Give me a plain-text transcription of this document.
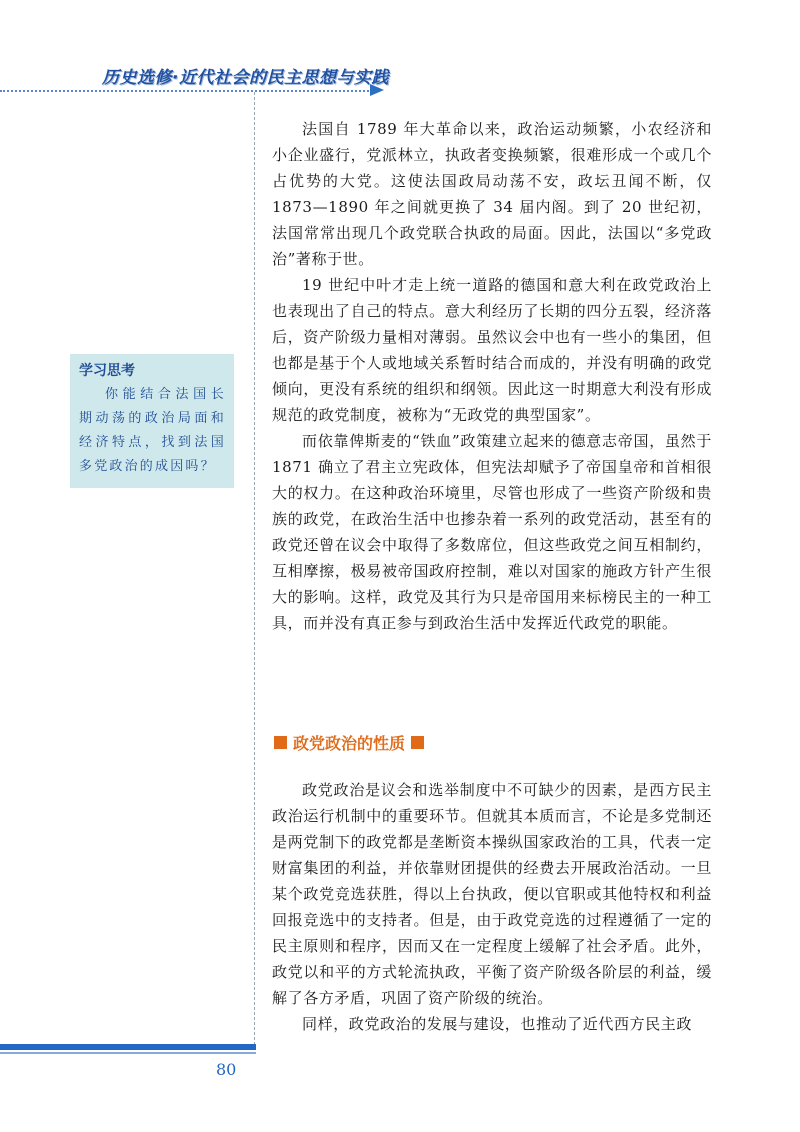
历史选修·近代社会的民主思想与实践
学习思考
你能结合法国长期动荡的政治局面和经济特点，找到法国多党政治的成因吗？

法国自 1789 年大革命以来，政治运动频繁，小农经济和小企业盛行，党派林立，执政者变换频繁，很难形成一个或几个占优势的大党。这使法国政局动荡不安，政坛丑闻不断，仅 1873—1890 年之间就更换了 34 届内阁。到了 20 世纪初，法国常常出现几个政党联合执政的局面。因此，法国以“多党政治”著称于世。

19 世纪中叶才走上统一道路的德国和意大利在政党政治上也表现出了自己的特点。意大利经历了长期的四分五裂，经济落后，资产阶级力量相对薄弱。虽然议会中也有一些小的集团，但也都是基于个人或地域关系暂时结合而成的，并没有明确的政党倾向，更没有系统的组织和纲领。因此这一时期意大利没有形成规范的政党制度，被称为“无政党的典型国家”。

而依靠俾斯麦的“铁血”政策建立起来的德意志帝国，虽然于 1871 确立了君主立宪政体，但宪法却赋予了帝国皇帝和首相很大的权力。在这种政治环境里，尽管也形成了一些资产阶级和贵族的政党，在政治生活中也掺杂着一系列的政党活动，甚至有的政党还曾在议会中取得了多数席位，但这些政党之间互相制约，互相摩擦，极易被帝国政府控制，难以对国家的施政方针产生很大的影响。这样，政党及其行为只是帝国用来标榜民主的一种工具，而并没有真正参与到政治生活中发挥近代政党的职能。

政党政治的性质

政党政治是议会和选举制度中不可缺少的因素，是西方民主政治运行机制中的重要环节。但就其本质而言，不论是多党制还是两党制下的政党都是垄断资本操纵国家政治的工具，代表一定财富集团的利益，并依靠财团提供的经费去开展政治活动。一旦某个政党竞选获胜，得以上台执政，便以官职或其他特权和利益回报竞选中的支持者。但是，由于政党竞选的过程遵循了一定的民主原则和程序，因而又在一定程度上缓解了社会矛盾。此外，政党以和平的方式轮流执政，平衡了资产阶级各阶层的利益，缓解了各方矛盾，巩固了资产阶级的统治。

同样，政党政治的发展与建设，也推动了近代西方民主政

80
